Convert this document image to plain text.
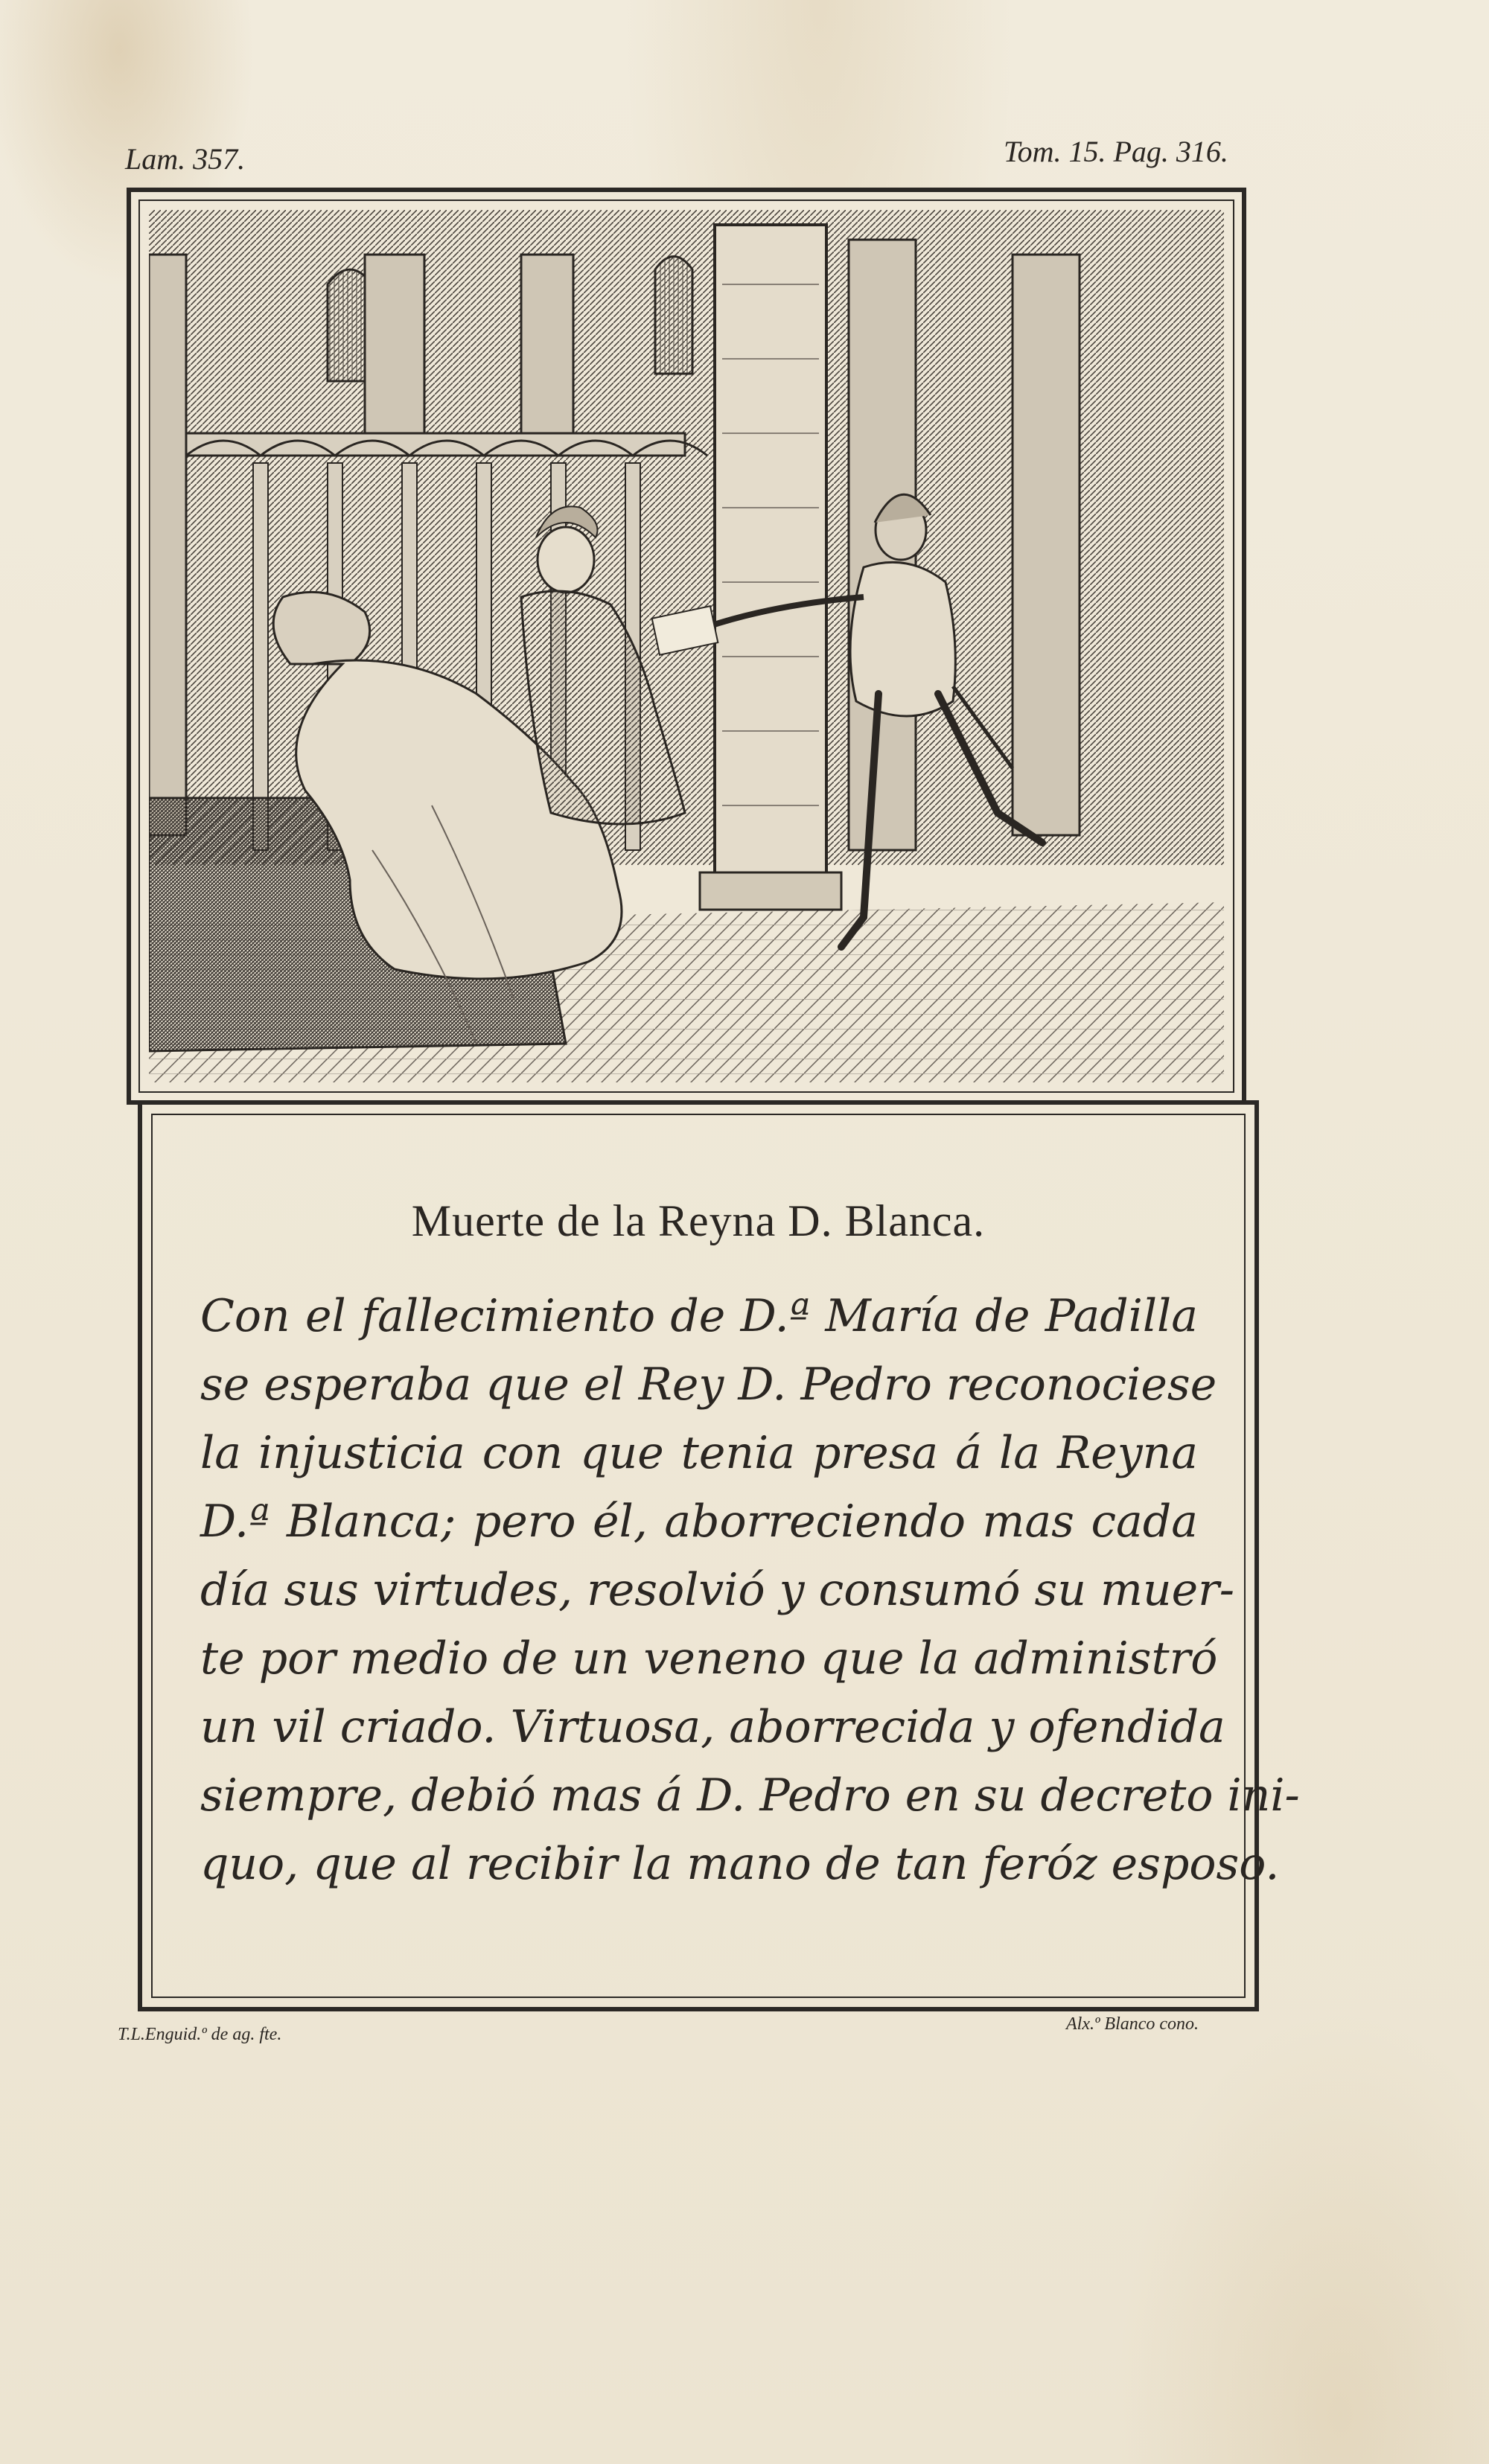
Lam. 357.	Tom. 15. Pag. 316.
Muerte de la Reyna D. Blanca.
Con el fallecimiento de D.ª María de Padilla
se esperaba que el Rey D. Pedro reconociese
la injusticia con que tenia presa á la Reyna
D.ª Blanca; pero él, aborreciendo mas cada
día sus virtudes, resolvió y consumó su muer-
te por medio de un veneno que la administró
un vil criado. Virtuosa, aborrecida y ofendida
siempre, debió mas á D. Pedro en su decreto ini-
quo, que al recibir la mano de tan feróz esposo.
T.L.Enguid.º de ag. fte.
Alx.º Blanco cono.
